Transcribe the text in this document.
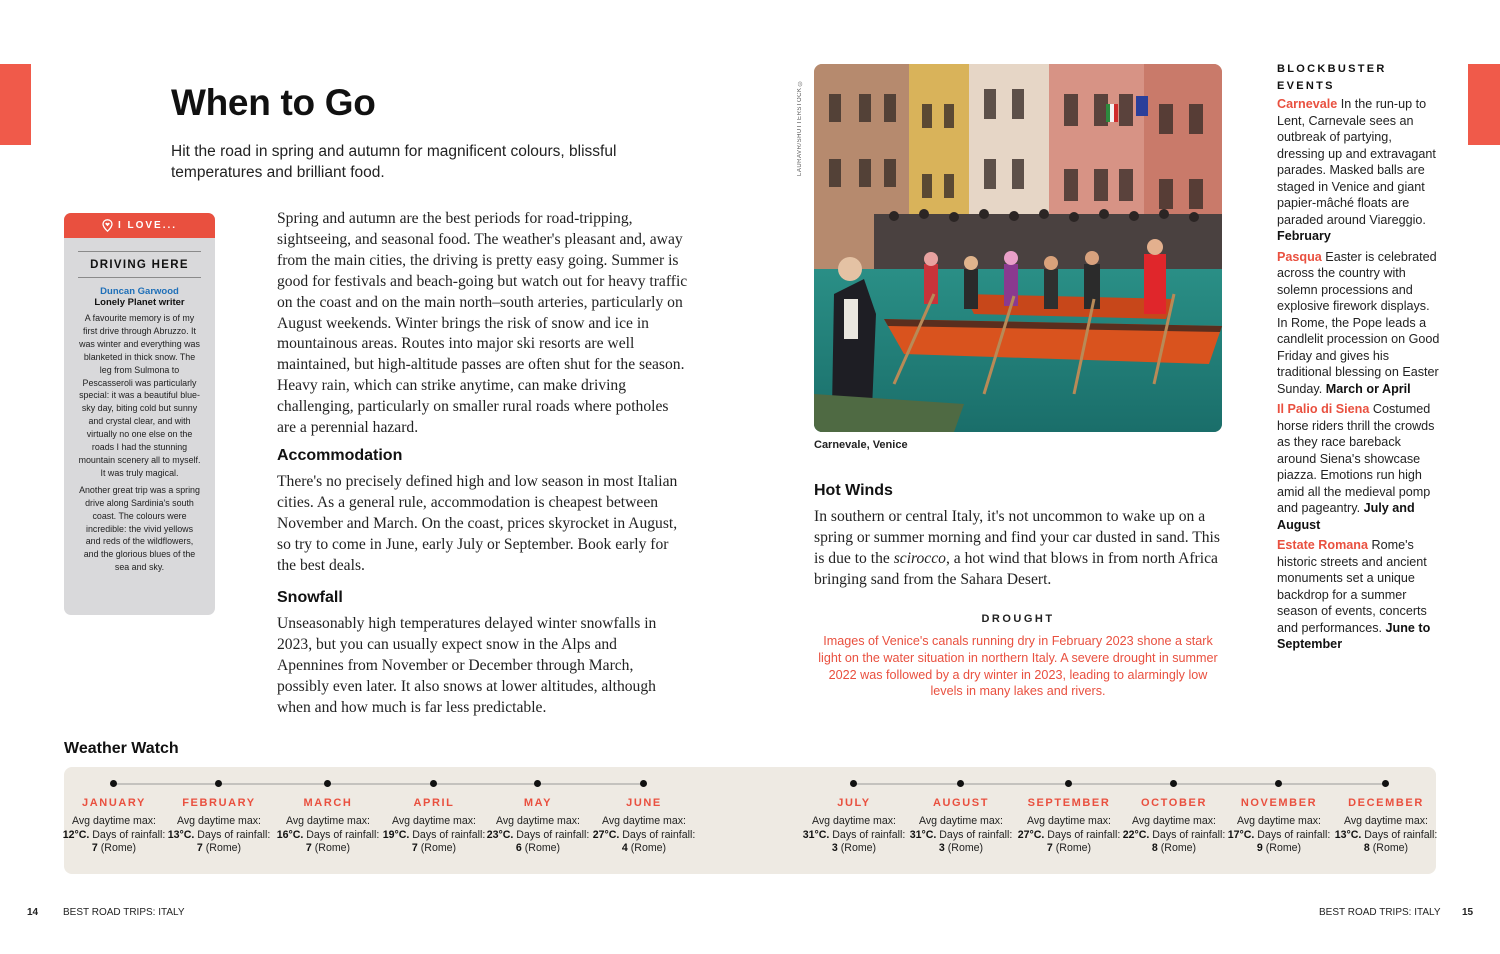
When to Go

Hit the road in spring and autumn for magnificent colours, blissful temperatures and brilliant food.

I LOVE...
DRIVING HERE
Duncan Garwood
Lonely Planet writer

A favourite memory is of my first drive through Abruzzo. It was winter and everything was blanketed in thick snow. The leg from Sulmona to Pescasseroli was particularly special: it was a beautiful blue-sky day, biting cold but sunny and crystal clear, and with virtually no one else on the roads I had the stunning mountain scenery all to myself. It was truly magical.

Another great trip was a spring drive along Sardinia's south coast. The colours were incredible: the vivid yellows and reds of the wildflowers, and the glorious blues of the sea and sky.

Spring and autumn are the best periods for road-tripping, sightseeing, and seasonal food. The weather's pleasant and, away from the main cities, the driving is pretty easy going. Summer is good for festivals and beach-going but watch out for heavy traffic on the coast and on the main north–south arteries, particularly on August weekends. Winter brings the risk of snow and ice in mountainous areas. Routes into major ski resorts are well maintained, but high-altitude passes are often shut for the season. Heavy rain, which can strike anytime, can make driving challenging, particularly on smaller rural roads where potholes are a perennial hazard.

Accommodation

There's no precisely defined high and low season in most Italian cities. As a general rule, accommodation is cheapest between November and March. On the coast, prices skyrocket in August, so try to come in June, early July or September. Book early for the best deals.

Snowfall

Unseasonably high temperatures delayed winter snowfalls in 2023, but you can usually expect snow in the Alps and Apennines from November or December through March, possibly even later. It also snows at lower altitudes, although when and how much is far less predictable.

LAURAVR/SHUTTERSTOCK ©

Carnevale, Venice

Hot Winds

In southern or central Italy, it's not uncommon to wake up on a spring or summer morning and find your car dusted in sand. This is due to the scirocco, a hot wind that blows in from north Africa bringing sand from the Sahara Desert.

DROUGHT

Images of Venice's canals running dry in February 2023 shone a stark light on the water situation in northern Italy. A severe drought in summer 2022 was followed by a dry winter in 2023, leading to alarmingly low levels in many lakes and rivers.

BLOCKBUSTER EVENTS

Carnevale In the run-up to Lent, Carnevale sees an outbreak of partying, dressing up and extravagant parades. Masked balls are staged in Venice and giant papier-mâché floats are paraded around Viareggio. February

Pasqua Easter is celebrated across the country with solemn processions and explosive firework displays. In Rome, the Pope leads a candlelit procession on Good Friday and gives his traditional blessing on Easter Sunday. March or April

Il Palio di Siena Costumed horse riders thrill the crowds as they race bareback around Siena's showcase piazza. Emotions run high amid all the medieval pomp and pageantry. July and August

Estate Romana Rome's historic streets and ancient monuments set a unique backdrop for a summer season of events, concerts and performances. June to September

Weather Watch
JANUARY
Avg daytime max:
12°C. Days of rainfall: 7 (Rome)
FEBRUARY
Avg daytime max:
13°C. Days of rainfall: 7 (Rome)
MARCH
Avg daytime max:
16°C. Days of rainfall: 7 (Rome)
APRIL
Avg daytime max:
19°C. Days of rainfall: 7 (Rome)
MAY
Avg daytime max:
23°C. Days of rainfall: 6 (Rome)
JUNE
Avg daytime max:
27°C. Days of rainfall: 4 (Rome)
JULY
Avg daytime max:
31°C. Days of rainfall: 3 (Rome)
AUGUST
Avg daytime max:
31°C. Days of rainfall: 3 (Rome)
SEPTEMBER
Avg daytime max:
27°C. Days of rainfall: 7 (Rome)
OCTOBER
Avg daytime max:
22°C. Days of rainfall: 8 (Rome)
NOVEMBER
Avg daytime max:
17°C. Days of rainfall: 9 (Rome)
DECEMBER
Avg daytime max:
13°C. Days of rainfall: 8 (Rome)

14 BEST ROAD TRIPS: ITALY	BEST ROAD TRIPS: ITALY 15
